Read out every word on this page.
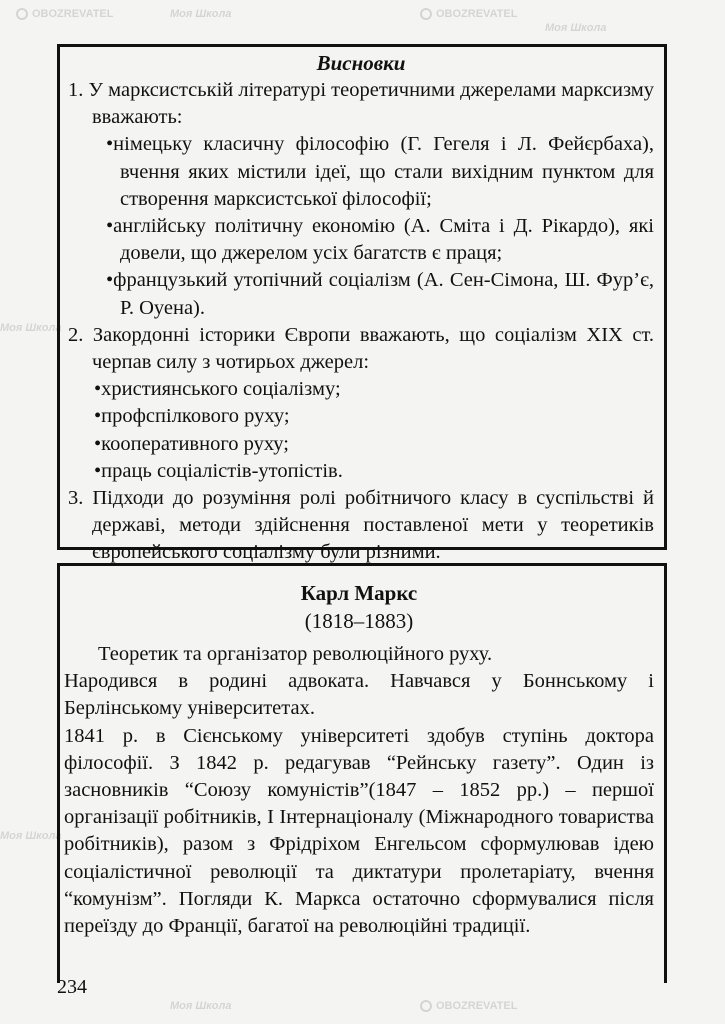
OBOZREVATEL	Моя Школа	OBOZREVATEL
Моя Школа
Моя Школа
Моя Школа
Моя Школа	OBOZREVATEL
Висновки

1. У марксистській літературі теоретичними джерелами марксизму вважають:

•німецьку класичну філософію (Г. Гегеля і Л. Фейєрбаха), вчення яких містили ідеї, що стали вихідним пунктом для створення марксистської філософії;

•англійську політичну економію (А. Сміта і Д. Рікардо), які довели, що джерелом усіх багатств є праця;

•французький утопічний соціалізм (А. Сен-Сімона, Ш. Фур’є, Р. Оуена).

2. Закордонні історики Європи вважають, що соціалізм XIX ст. черпав силу з чотирьох джерел:

•християнського соціалізму;

•профспілкового руху;

•кооперативного руху;

•праць соціалістів-утопістів.

3. Підходи до розуміння ролі робітничого класу в суспільстві й державі, методи здійснення поставленої мети у теоретиків європейського соціалізму були різними.

Карл Маркс
(1818–1883)

Теоретик та організатор революційного руху.

Народився в родині адвоката. Навчався у Боннському і Берлінському університетах.

1841 р. в Сієнському університеті здобув ступінь доктора філософії. З 1842 р. редагував “Рейнську газету”. Один із засновників “Союзу комуністів”(1847 – 1852 рр.) – першої організації робітників, I Інтернаціоналу (Міжнародного товариства робітників), разом з Фрідріхом Енгельсом сформулював ідею соціалістичної революції та диктатури пролетаріату, вчення “комунізм”. Погляди К. Маркса остаточно сформувалися після переїзду до Франції, багатої на революційні традиції.

234
